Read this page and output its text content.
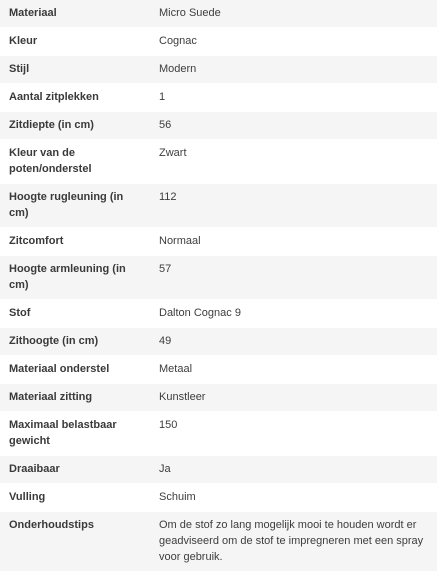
Materiaal	Micro Suede
Kleur	Cognac
Stijl	Modern
Aantal zitplekken	1
Zitdiepte (in cm)	56
Kleur van de poten/onderstel	Zwart
Hoogte rugleuning (in cm)	112
Zitcomfort	Normaal
Hoogte armleuning (in cm)	57
Stof	Dalton Cognac 9
Zithoogte (in cm)	49
Materiaal onderstel	Metaal
Materiaal zitting	Kunstleer
Maximaal belastbaar gewicht	150
Draaibaar	Ja
Vulling	Schuim
Onderhoudstips	Om de stof zo lang mogelijk mooi te houden wordt er geadviseerd om de stof te impregneren met een spray voor gebruik.
